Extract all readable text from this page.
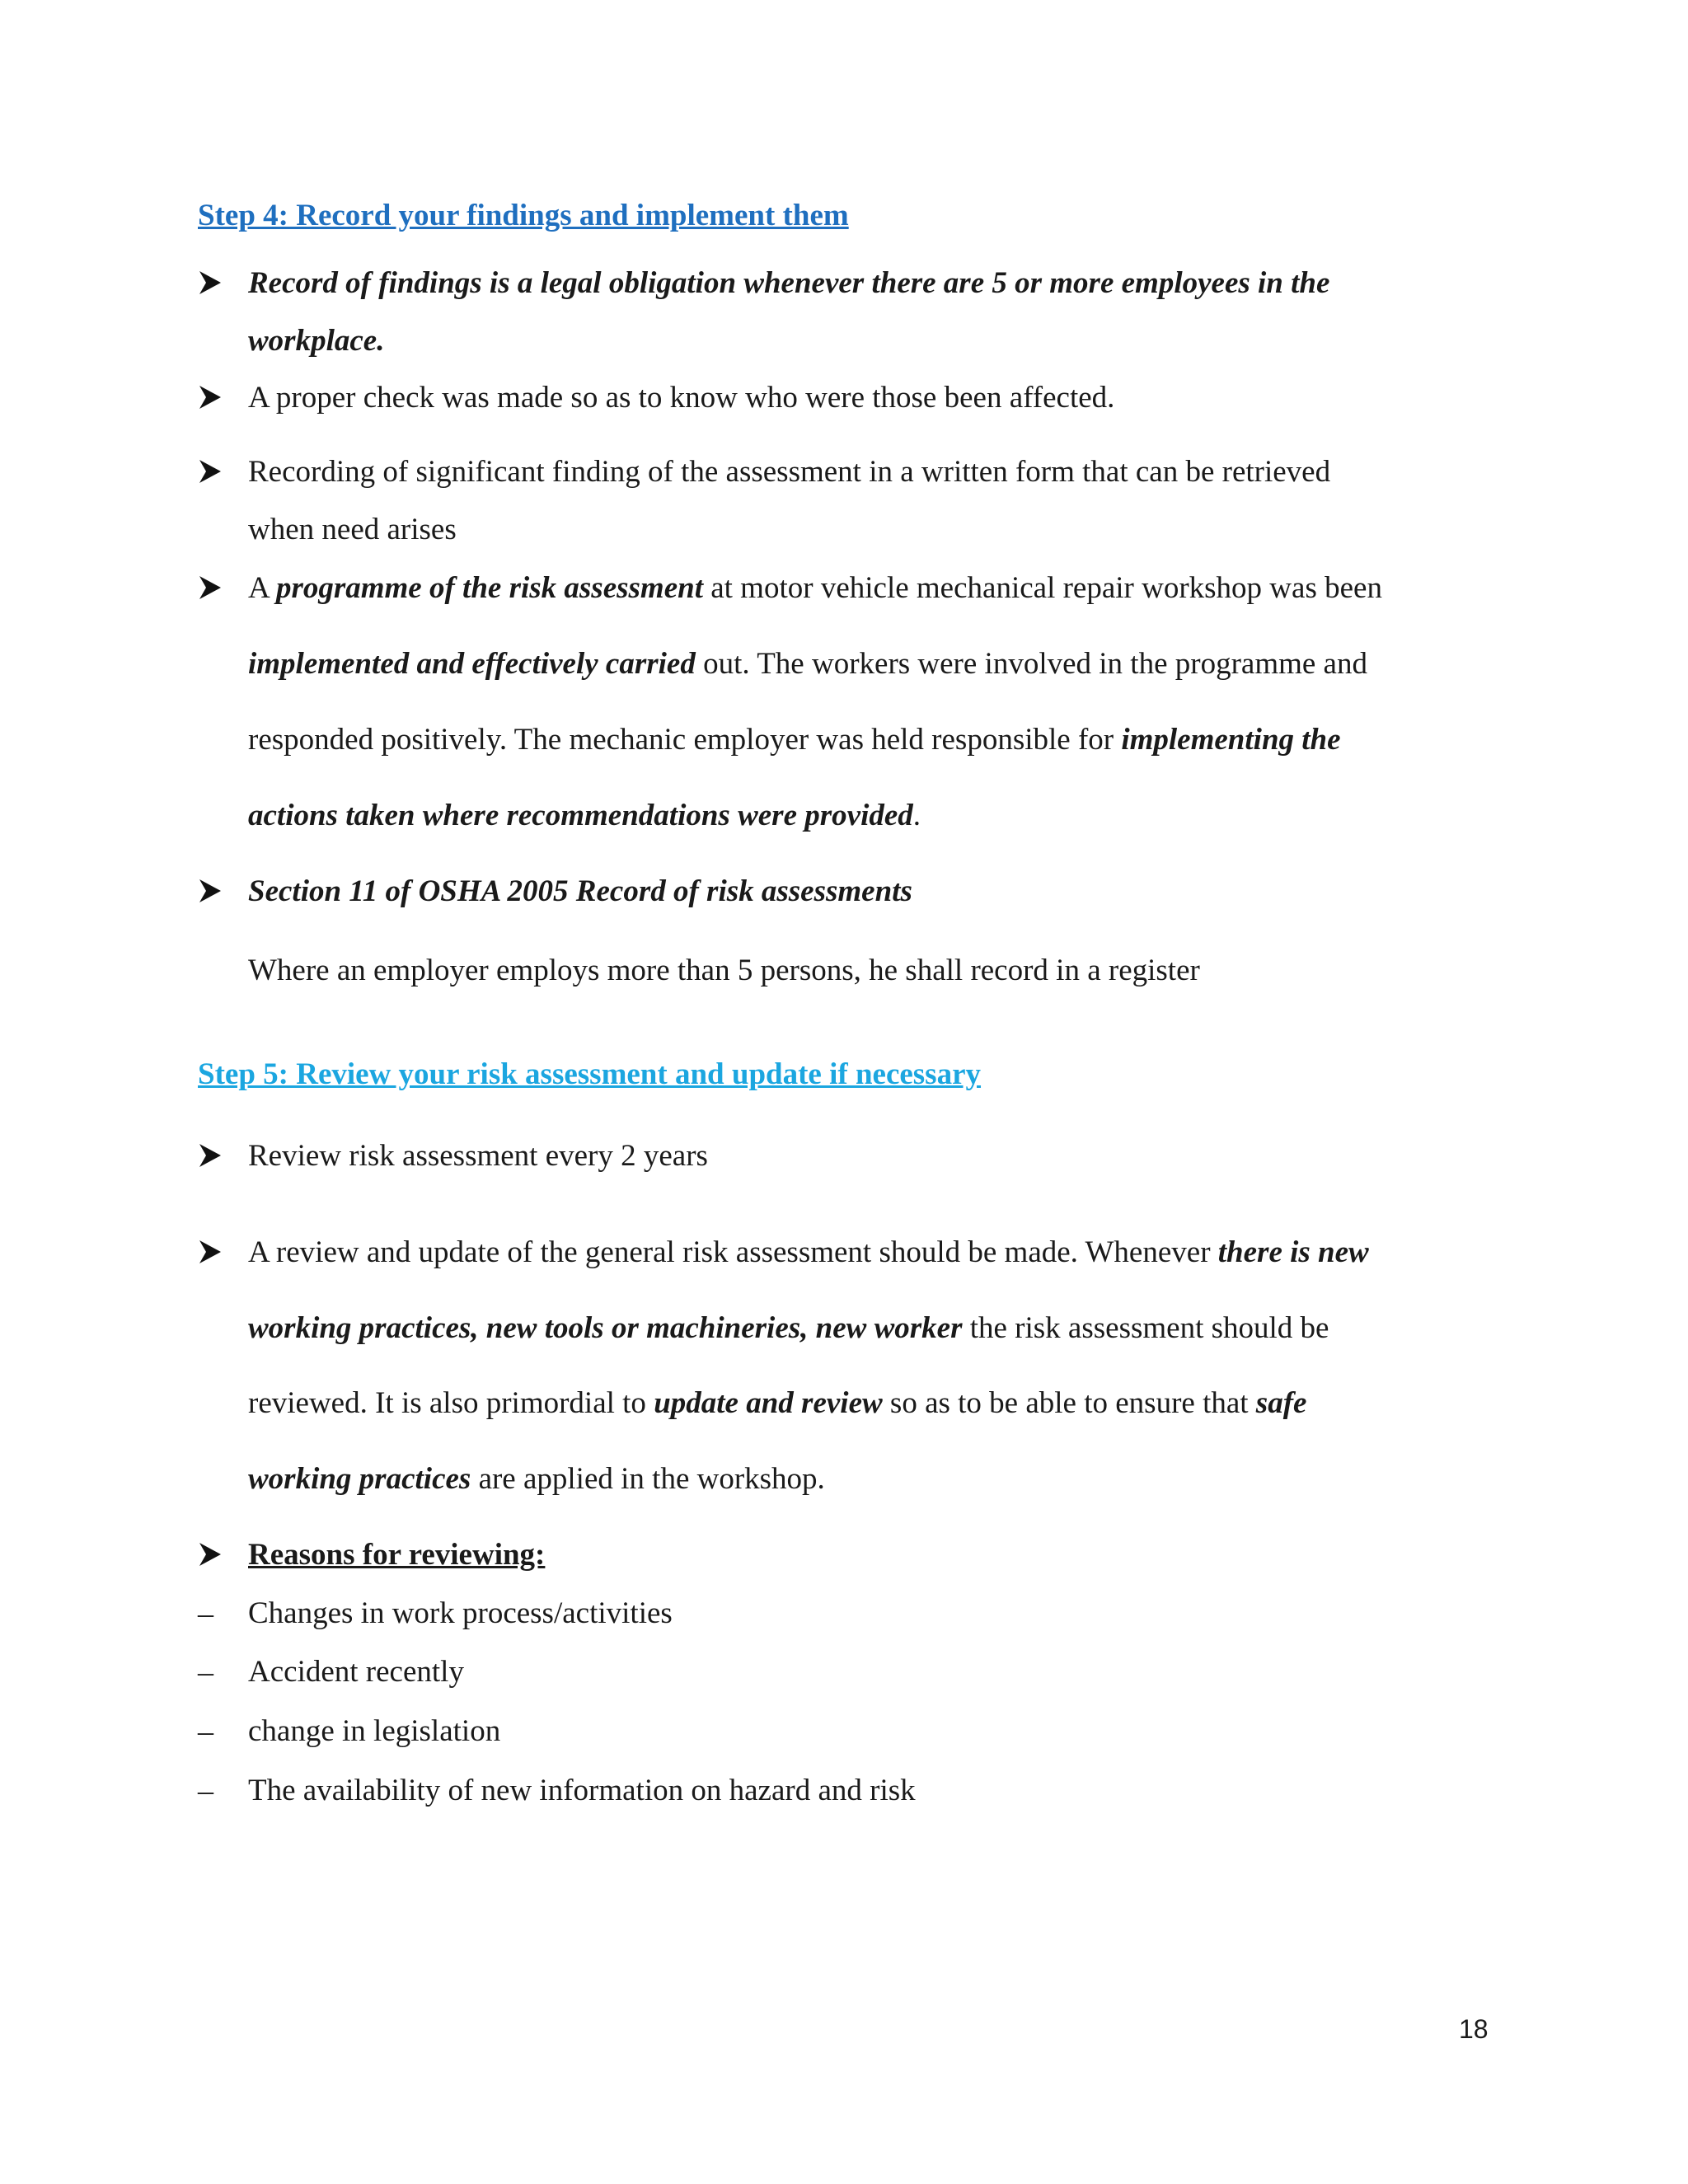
Step 4: Record your findings and implement them
Record of findings is a legal obligation whenever there are 5 or more employees in the
workplace.
A proper check was made so as to know who were those been affected.
Recording of significant finding of the assessment in a written form that can be retrieved
when need arises
A programme of the risk assessment at motor vehicle mechanical repair workshop was been
implemented and effectively carried out. The workers were involved in the programme and
responded positively. The mechanic employer was held responsible for implementing the
actions taken where recommendations were provided.
Section 11 of OSHA 2005 Record of risk assessments
Where an employer employs more than 5 persons, he shall record in a register
Step 5: Review your risk assessment and update if necessary
Review risk assessment every 2 years
A review and update of the general risk assessment should be made. Whenever there is new
working practices, new tools or machineries, new worker the risk assessment should be
reviewed. It is also primordial to update and review so as to be able to ensure that safe
working practices are applied in the workshop.
Reasons for reviewing:
– Changes in work process/activities
– Accident recently
– change in legislation
– The availability of new information on hazard and risk
18
